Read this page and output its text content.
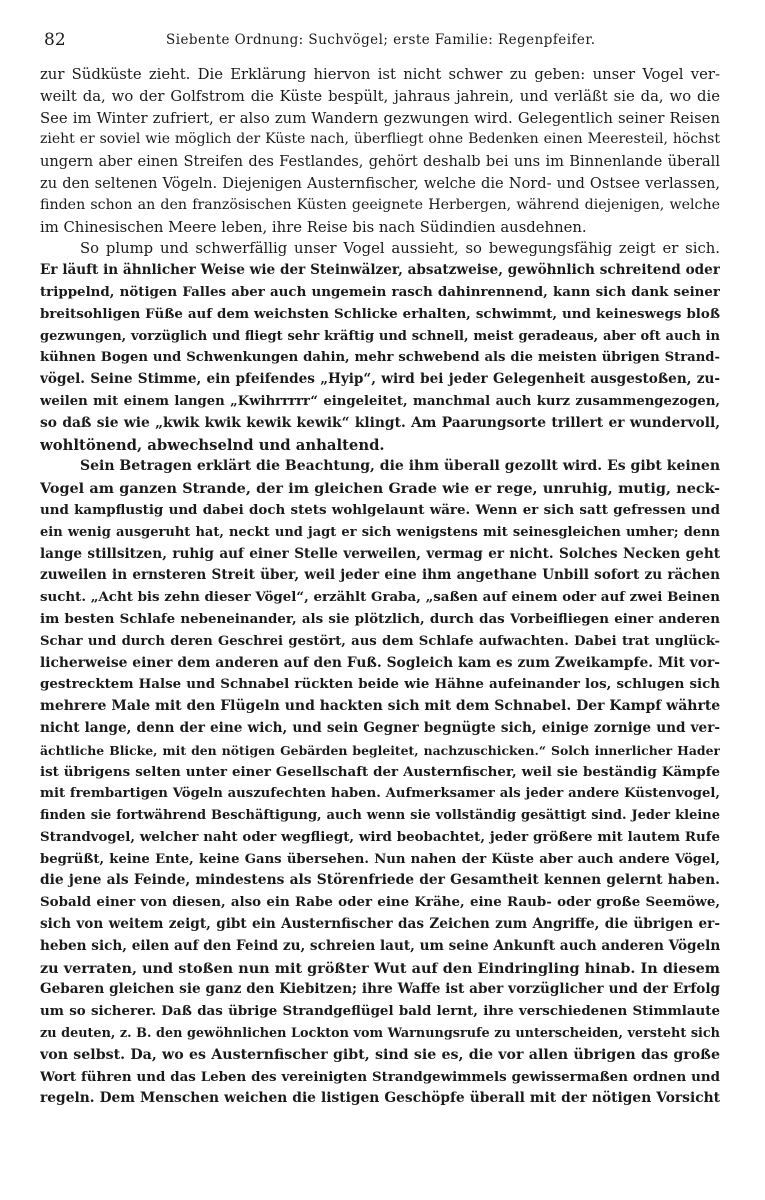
82	Siebente Ordnung: Suchvögel; erste Familie: Regenpfeifer.
zur Südküste zieht. Die Erklärung hiervon ist nicht schwer zu geben: unser Vogel ver-
weilt da, wo der Golfstrom die Küste bespült, jahraus jahrein, und verläßt sie da, wo die
See im Winter zufriert, er also zum Wandern gezwungen wird. Gelegentlich seiner Reisen
zieht er soviel wie möglich der Küste nach, überfliegt ohne Bedenken einen Meeresteil, höchst
ungern aber einen Streifen des Festlandes, gehört deshalb bei uns im Binnenlande überall
zu den seltenen Vögeln. Diejenigen Austernfischer, welche die Nord- und Ostsee verlassen,
finden schon an den französischen Küsten geeignete Herbergen, während diejenigen, welche
im Chinesischen Meere leben, ihre Reise bis nach Südindien ausdehnen.
So plump und schwerfällig unser Vogel aussieht, so bewegungsfähig zeigt er sich.
Er läuft in ähnlicher Weise wie der Steinwälzer, absatzweise, gewöhnlich schreitend oder
trippelnd, nötigen Falles aber auch ungemein rasch dahinrennend, kann sich dank seiner
breitsohligen Füße auf dem weichsten Schlicke erhalten, schwimmt, und keineswegs bloß
gezwungen, vorzüglich und fliegt sehr kräftig und schnell, meist geradeaus, aber oft auch in
kühnen Bogen und Schwenkungen dahin, mehr schwebend als die meisten übrigen Strand-
vögel. Seine Stimme, ein pfeifendes „Hyip“, wird bei jeder Gelegenheit ausgestoßen, zu-
weilen mit einem langen „Kwihrrrrr“ eingeleitet, manchmal auch kurz zusammengezogen,
so daß sie wie „kwik kwik kewik kewik“ klingt. Am Paarungsorte trillert er wundervoll,
wohltönend, abwechselnd und anhaltend.
Sein Betragen erklärt die Beachtung, die ihm überall gezollt wird. Es gibt keinen
Vogel am ganzen Strande, der im gleichen Grade wie er rege, unruhig, mutig, neck-
und kampflustig und dabei doch stets wohlgelaunt wäre. Wenn er sich satt gefressen und
ein wenig ausgeruht hat, neckt und jagt er sich wenigstens mit seinesgleichen umher; denn
lange stillsitzen, ruhig auf einer Stelle verweilen, vermag er nicht. Solches Necken geht
zuweilen in ernsteren Streit über, weil jeder eine ihm angethane Unbill sofort zu rächen
sucht. „Acht bis zehn dieser Vögel“, erzählt Graba, „saßen auf einem oder auf zwei Beinen
im besten Schlafe nebeneinander, als sie plötzlich, durch das Vorbeifliegen einer anderen
Schar und durch deren Geschrei gestört, aus dem Schlafe aufwachten. Dabei trat unglück-
licherweise einer dem anderen auf den Fuß. Sogleich kam es zum Zweikampfe. Mit vor-
gestrecktem Halse und Schnabel rückten beide wie Hähne aufeinander los, schlugen sich
mehrere Male mit den Flügeln und hackten sich mit dem Schnabel. Der Kampf währte
nicht lange, denn der eine wich, und sein Gegner begnügte sich, einige zornige und ver-
ächtliche Blicke, mit den nötigen Gebärden begleitet, nachzuschicken.“ Solch innerlicher Hader
ist übrigens selten unter einer Gesellschaft der Austernfischer, weil sie beständig Kämpfe
mit frembartigen Vögeln auszufechten haben. Aufmerksamer als jeder andere Küstenvogel,
finden sie fortwährend Beschäftigung, auch wenn sie vollständig gesättigt sind. Jeder kleine
Strandvogel, welcher naht oder wegfliegt, wird beobachtet, jeder größere mit lautem Rufe
begrüßt, keine Ente, keine Gans übersehen. Nun nahen der Küste aber auch andere Vögel,
die jene als Feinde, mindestens als Störenfriede der Gesamtheit kennen gelernt haben.
Sobald einer von diesen, also ein Rabe oder eine Krähe, eine Raub- oder große Seemöwe,
sich von weitem zeigt, gibt ein Austernfischer das Zeichen zum Angriffe, die übrigen er-
heben sich, eilen auf den Feind zu, schreien laut, um seine Ankunft auch anderen Vögeln
zu verraten, und stoßen nun mit größter Wut auf den Eindringling hinab. In diesem
Gebaren gleichen sie ganz den Kiebitzen; ihre Waffe ist aber vorzüglicher und der Erfolg
um so sicherer. Daß das übrige Strandgeflügel bald lernt, ihre verschiedenen Stimmlaute
zu deuten, z. B. den gewöhnlichen Lockton vom Warnungsrufe zu unterscheiden, versteht sich
von selbst. Da, wo es Austernfischer gibt, sind sie es, die vor allen übrigen das große
Wort führen und das Leben des vereinigten Strandgewimmels gewissermaßen ordnen und
regeln. Dem Menschen weichen die listigen Geschöpfe überall mit der nötigen Vorsicht
